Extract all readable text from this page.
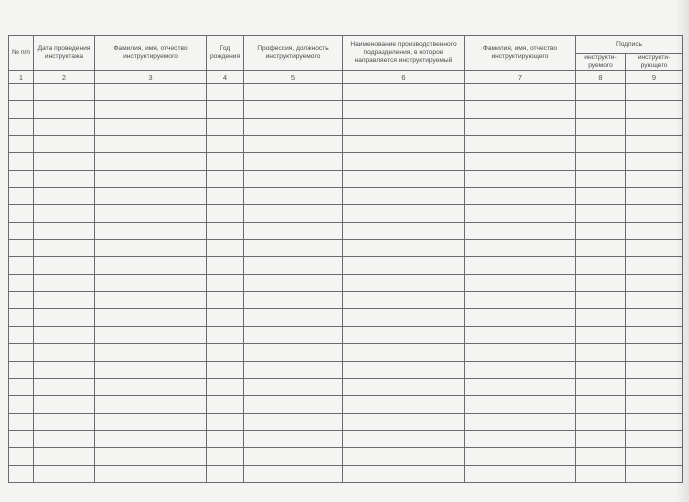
№ п/п	Дата проведения инструктажа	Фамилия, имя, отчество инструктируемого	Год рождения	Профессия, должность инструктируемого	Наименование производственного подразделения, в которое направляется инструктируемый	Фамилия, имя, отчество инструктирующего	Подпись	
							инструкти- руемого	инструкти- рующего
1	2	3	4	5	6	7	8	9
